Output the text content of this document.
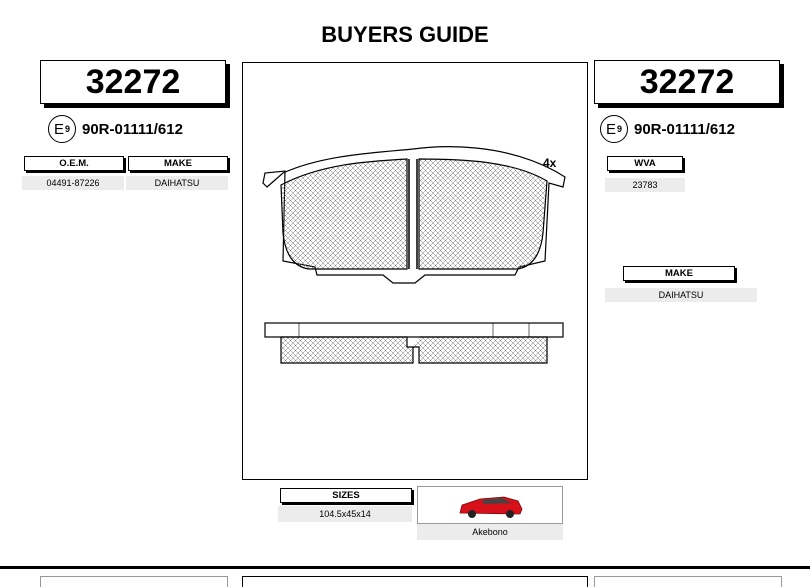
BUYERS GUIDE
32272
E 9 90R-01111/612
O.E.M.	MAKE
04491-87226	DAIHATSU
32272
E 9 90R-01111/612
WVA
23783
MAKE
DAIHATSU
4x
SIZES
104.5x45x14
Akebono
